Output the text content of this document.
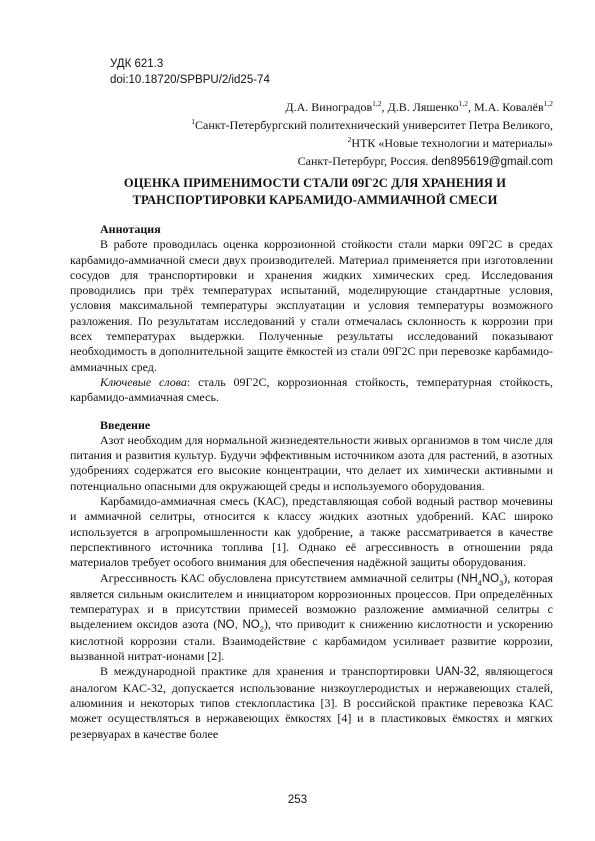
УДК 621.3
doi:10.18720/SPBPU/2/id25-74
Д.А. Виноградов$^{1,2}$, Д.В. Ляшенко$^{1,2}$, М.А. Ковалёв$^{1,2}$
$^1$Санкт-Петербургский политехнический университет Петра Великого,
$^2$НТК «Новые технологии и материалы»
Санкт-Петербург, Россия. den895619@gmail.com
ОЦЕНКА ПРИМЕНИМОСТИ СТАЛИ 09Г2С ДЛЯ ХРАНЕНИЯ И ТРАНСПОРТИРОВКИ КАРБАМИДО-АММИАЧНОЙ СМЕСИ
Аннотация

В работе проводилась оценка коррозионной стойкости стали марки 09Г2С в средах карбамидо-аммиачной смеси двух производителей. Материал применяется при изготовлении сосудов для транспортировки и хранения жидких химических сред. Исследования проводились при трёх температурах испытаний, моделирующие стандартные условия, условия максимальной температуры эксплуатации и условия температуры возможного разложения. По результатам исследований у стали отмечалась склонность к коррозии при всех температурах выдержки. Полученные результаты исследований показывают необходимость в дополнительной защите ёмкостей из стали 09Г2С при перевозке карбамидо-аммиачных сред.

Ключевые слова: сталь 09Г2С, коррозионная стойкость, температурная стойкость, карбамидо-аммиачная смесь.

Введение

Азот необходим для нормальной жизнедеятельности живых организмов в том числе для питания и развития культур. Будучи эффективным источником азота для растений, в азотных удобрениях содержатся его высокие концентрации, что делает их химически активными и потенциально опасными для окружающей среды и используемого оборудования.

Карбамидо-аммиачная смесь (КАС), представляющая собой водный раствор мочевины и аммиачной селитры, относится к классу жидких азотных удобрений. КАС широко используется в агропромышленности как удобрение, а также рассматривается в качестве перспективного источника топлива [1]. Однако её агрессивность в отношении ряда материалов требует особого внимания для обеспечения надёжной защиты оборудования.

Агрессивность КАС обусловлена присутствием аммиачной селитры $(NH_4NO_3)$, которая является сильным окислителем и инициатором коррозионных процессов. При определённых температурах и в присутствии примесей возможно разложение аммиачной селитры с выделением оксидов азота (NO, $NO_2$), что приводит к снижению кислотности и ускорению кислотной коррозии стали. Взаимодействие с карбамидом усиливает развитие коррозии, вызванной нитрат-ионами [2].

В международной практике для хранения и транспортировки UAN-32, являющегося аналогом КАС-32, допускается использование низкоуглеродистых и нержавеющих сталей, алюминия и некоторых типов стеклопластика [3]. В российской практике перевозка КАС может осуществляться в нержавеющих ёмкостях [4] и в пластиковых ёмкостях и мягких резервуарах в качестве более

253
